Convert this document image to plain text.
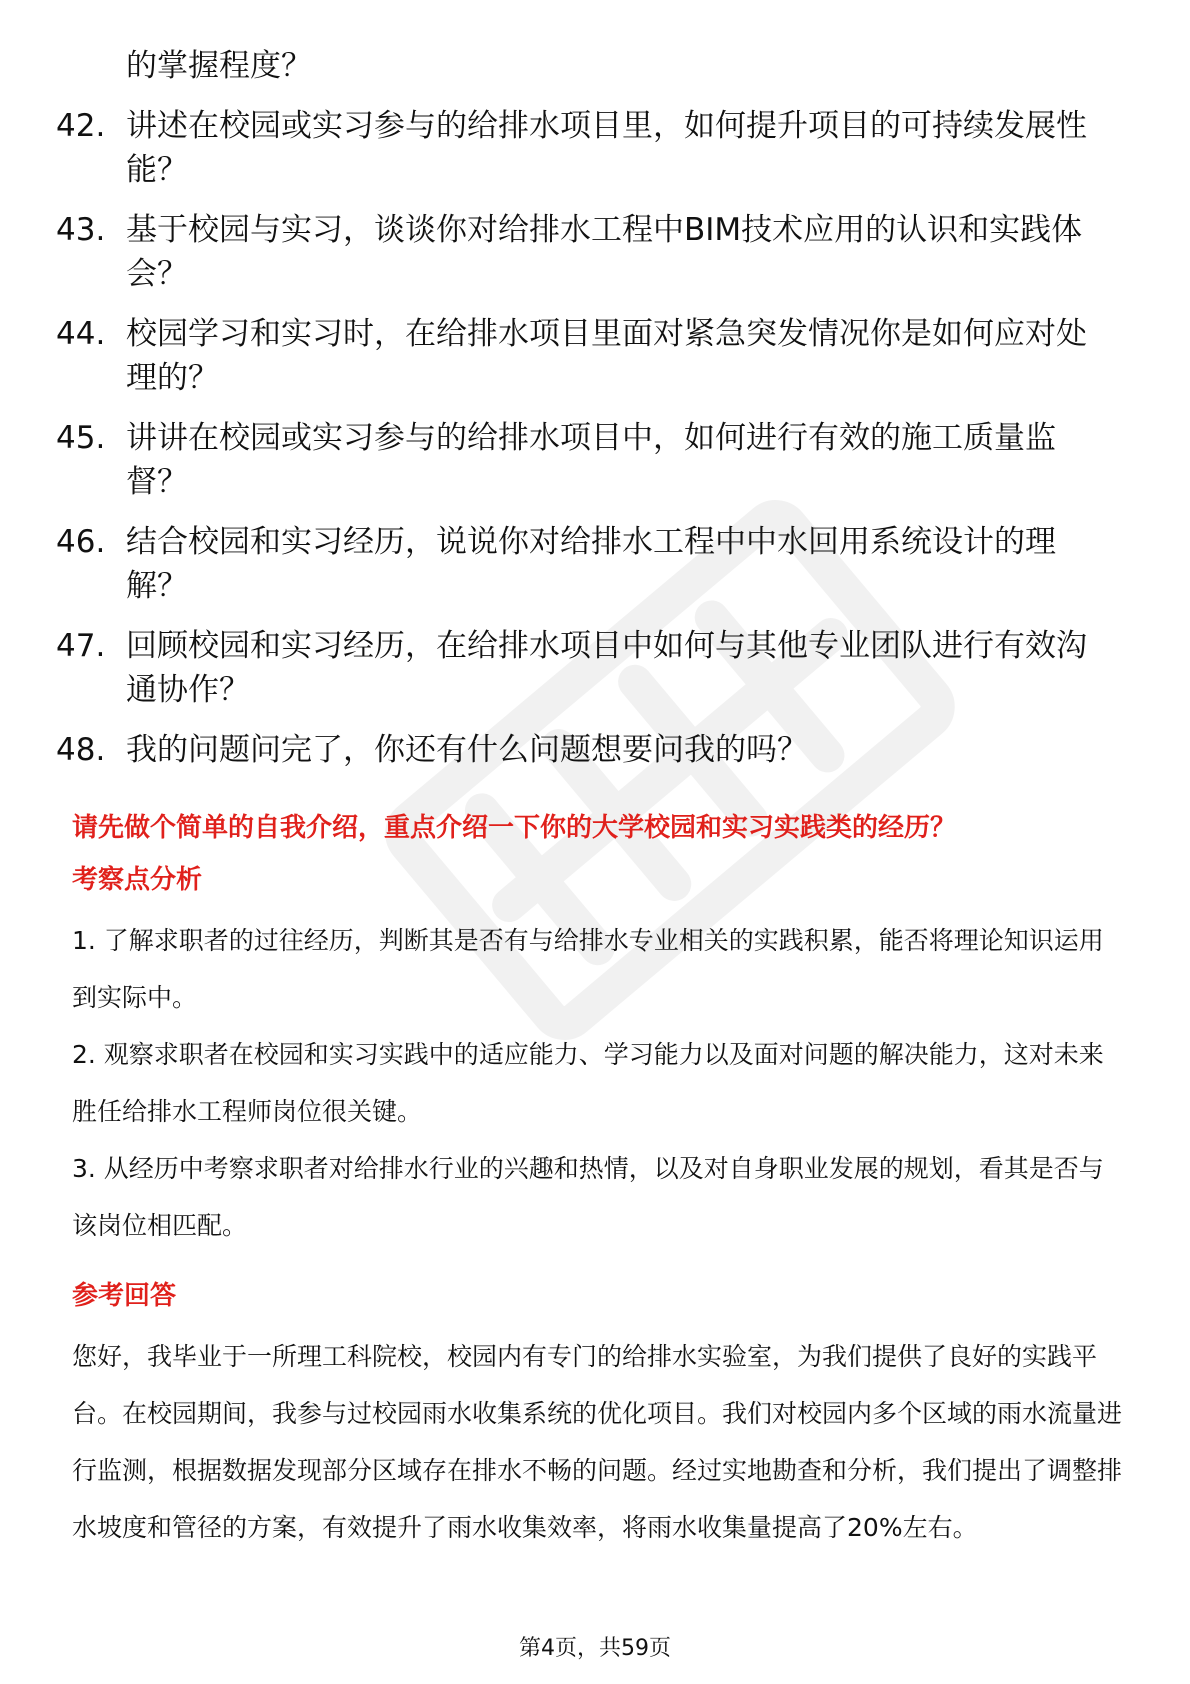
的掌握程度？
42. 讲述在校园或实习参与的给排水项目里，如何提升项目的可持续发展性能？
43. 基于校园与实习，谈谈你对给排水工程中BIM技术应用的认识和实践体会？
44. 校园学习和实习时，在给排水项目里面对紧急突发情况你是如何应对处理的？
45. 讲讲在校园或实习参与的给排水项目中，如何进行有效的施工质量监督？
46. 结合校园和实习经历，说说你对给排水工程中中水回用系统设计的理解？
47. 回顾校园和实习经历，在给排水项目中如何与其他专业团队进行有效沟通协作？
48. 我的问题问完了，你还有什么问题想要问我的吗？
请先做个简单的自我介绍，重点介绍一下你的大学校园和实习实践类的经历？
考察点分析

1. 了解求职者的过往经历，判断其是否有与给排水专业相关的实践积累，能否将理论知识运用到实际中。

2. 观察求职者在校园和实习实践中的适应能力、学习能力以及面对问题的解决能力，这对未来胜任给排水工程师岗位很关键。

3. 从经历中考察求职者对给排水行业的兴趣和热情，以及对自身职业发展的规划，看其是否与该岗位相匹配。

参考回答

您好，我毕业于一所理工科院校，校园内有专门的给排水实验室，为我们提供了良好的实践平台。在校园期间，我参与过校园雨水收集系统的优化项目。我们对校园内多个区域的雨水流量进行监测，根据数据发现部分区域存在排水不畅的问题。经过实地勘查和分析，我们提出了调整排水坡度和管径的方案，有效提升了雨水收集效率，将雨水收集量提高了20%左右。

第4页，共59页
